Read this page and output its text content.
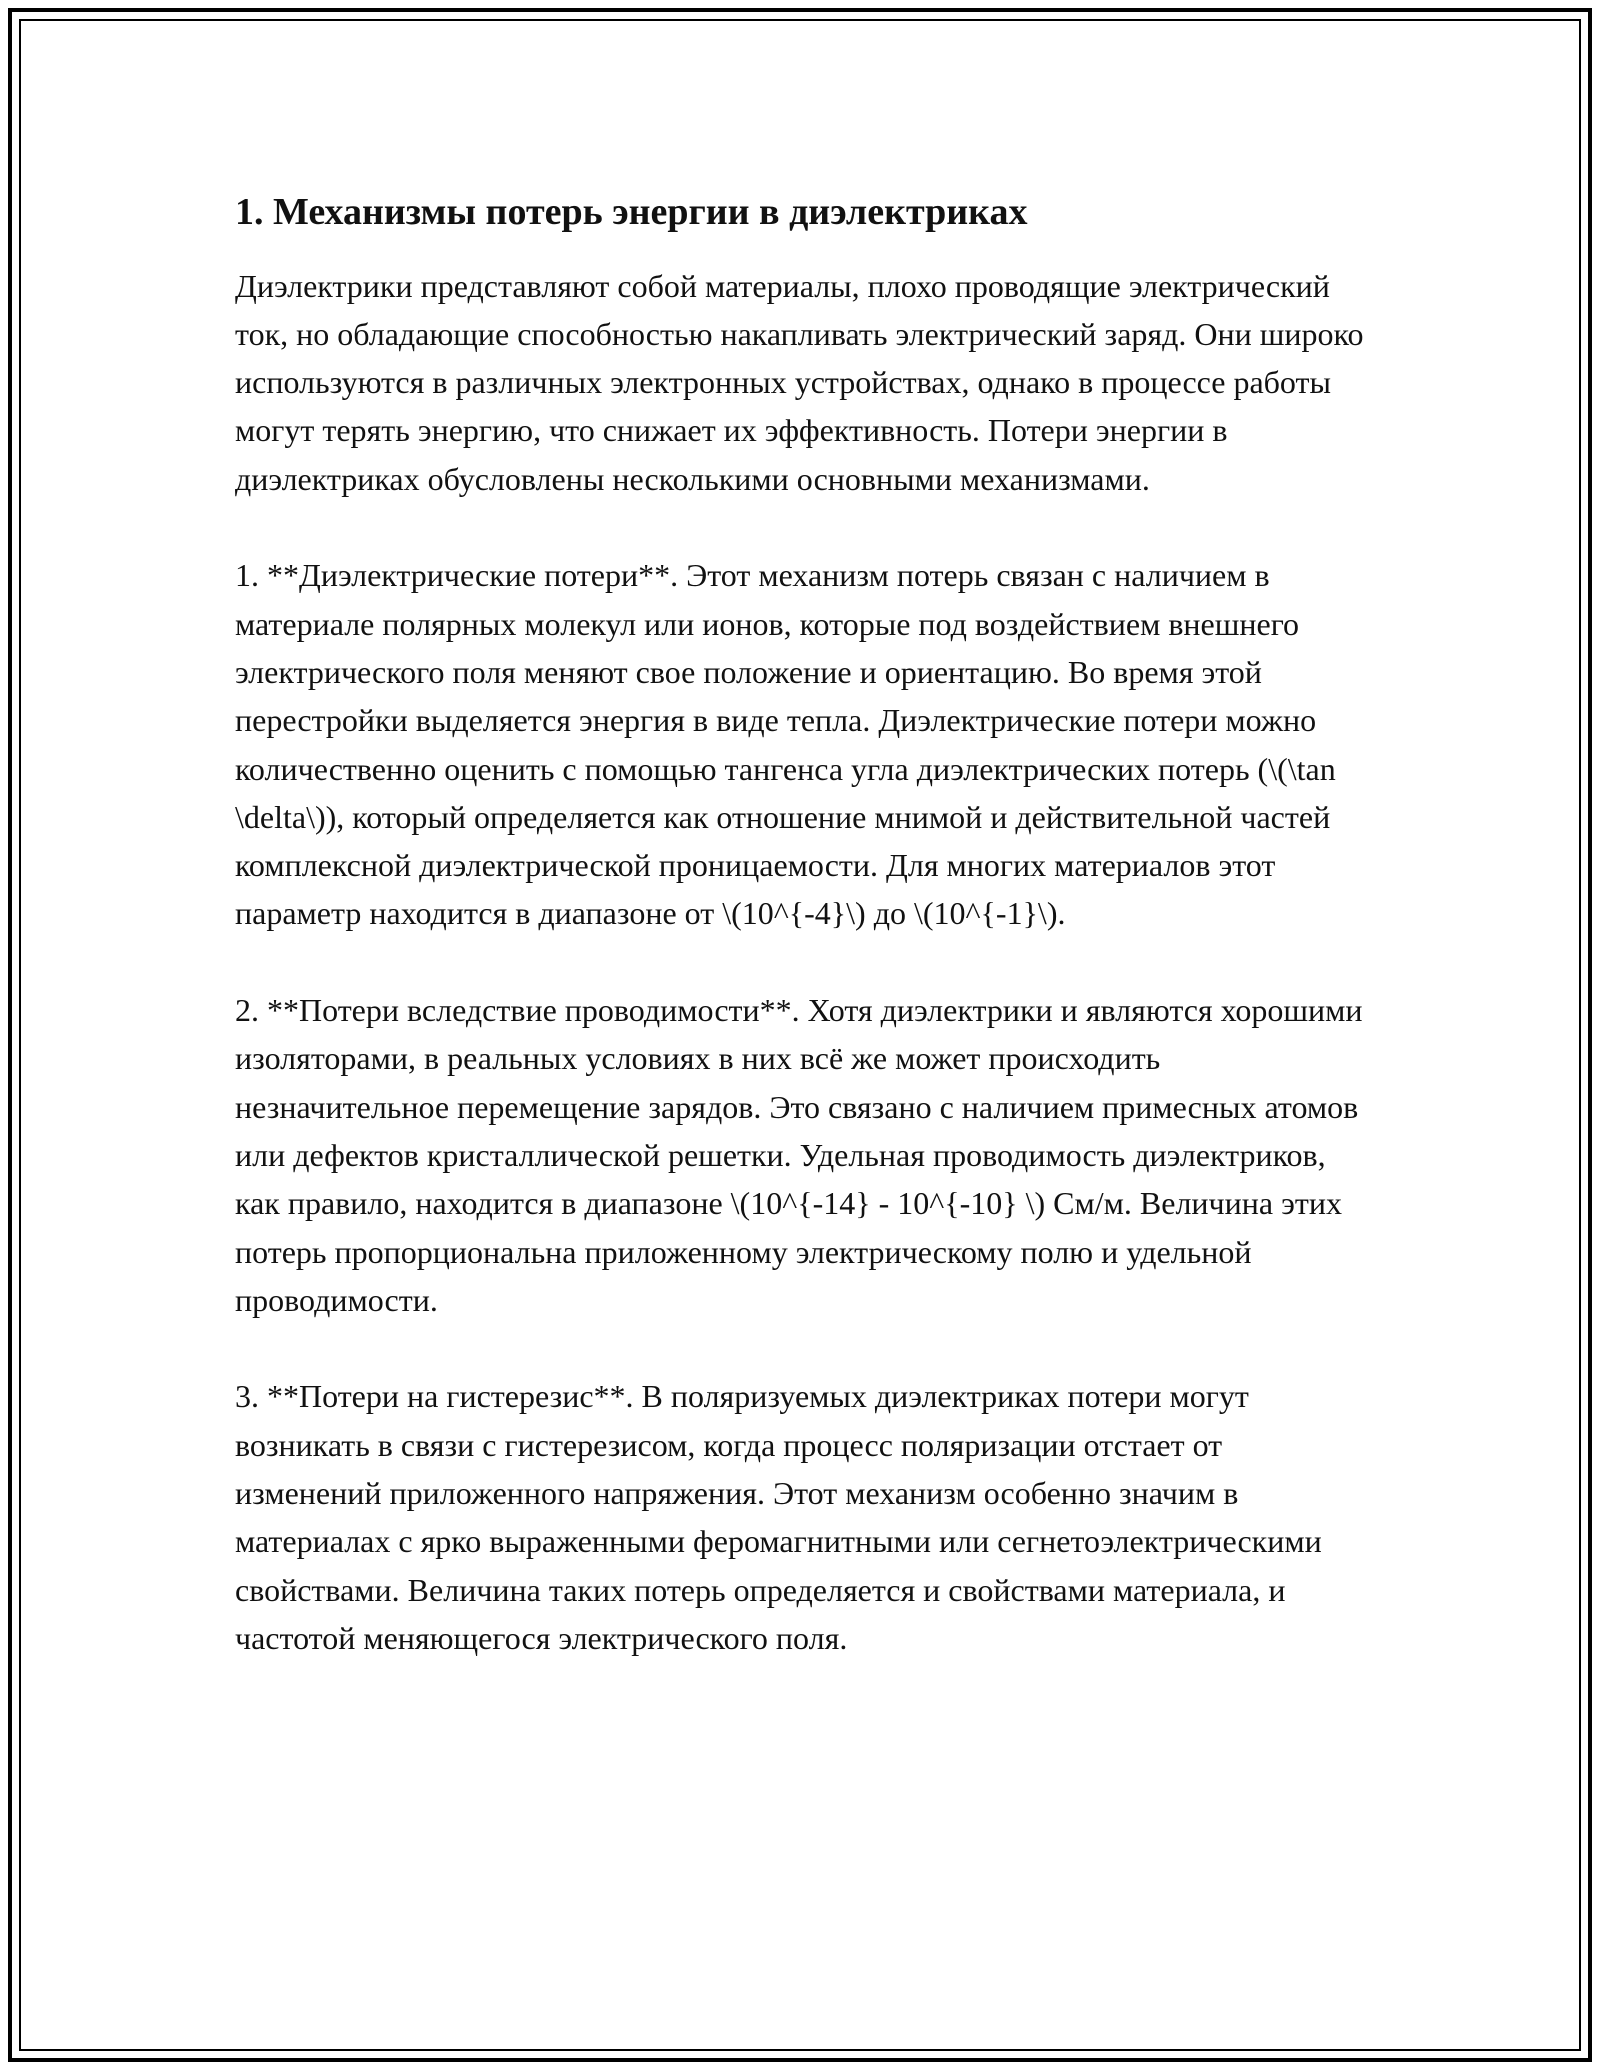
1. Механизмы потерь энергии в диэлектриках

Диэлектрики представляют собой материалы, плохо проводящие электрический ток, но обладающие способностью накапливать электрический заряд. Они широко используются в различных электронных устройствах, однако в процессе работы могут терять энергию, что снижает их эффективность. Потери энергии в диэлектриках обусловлены несколькими основными механизмами.

1. **Диэлектрические потери**. Этот механизм потерь связан с наличием в материале полярных молекул или ионов, которые под воздействием внешнего электрического поля меняют свое положение и ориентацию. Во время этой перестройки выделяется энергия в виде тепла. Диэлектрические потери можно количественно оценить с помощью тангенса угла диэлектрических потерь (\(\tan \delta\)), который определяется как отношение мнимой и действительной частей комплексной диэлектрической проницаемости. Для многих материалов этот параметр находится в диапазоне от \(10^{-4}\) до \(10^{-1}\).

2. **Потери вследствие проводимости**. Хотя диэлектрики и являются хорошими изоляторами, в реальных условиях в них всё же может происходить незначительное перемещение зарядов. Это связано с наличием примесных атомов или дефектов кристаллической решетки. Удельная проводимость диэлектриков, как правило, находится в диапазоне \(10^{-14} - 10^{-10} \) См/м. Величина этих потерь пропорциональна приложенному электрическому полю и удельной проводимости.

3. **Потери на гистерезис**. В поляризуемых диэлектриках потери могут возникать в связи с гистерезисом, когда процесс поляризации отстает от изменений приложенного напряжения. Этот механизм особенно значим в материалах с ярко выраженными феромагнитными или сегнетоэлектрическими свойствами. Величина таких потерь определяется и свойствами материала, и частотой меняющегося электрического поля.
